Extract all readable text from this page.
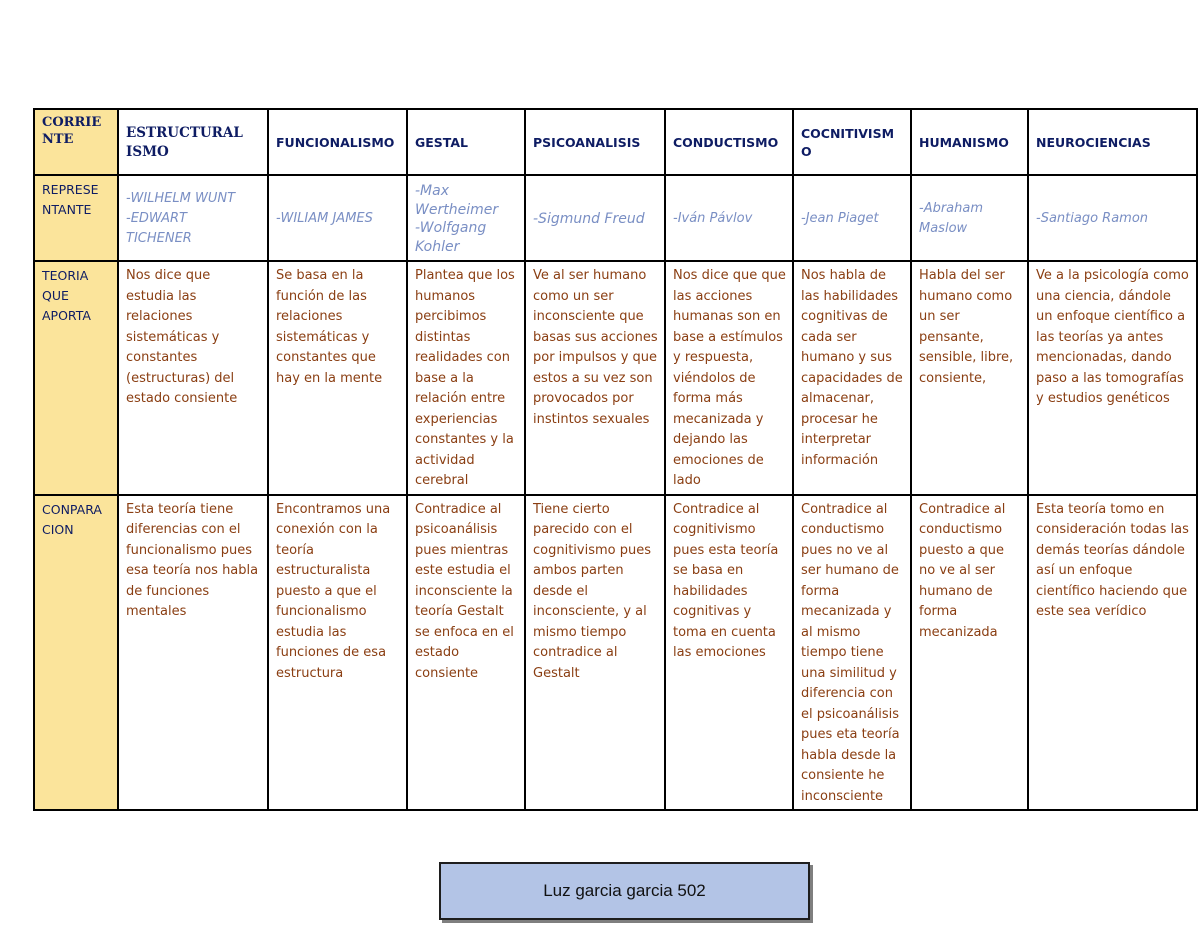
CORRIE
NTE	ESTRUCTURAL
ISMO	FUNCIONALISMO	GESTAL	PSICOANALISIS	CONDUCTISMO	COCNITIVISM
O	HUMANISMO	NEUROCIENCIAS
REPRESE
NTANTE	-WILHELM WUNT
-EDWART
TICHENER	-WILIAM JAMES	-Max
Wertheimer
-Wolfgang
Kohler	-Sigmund Freud	-Iván Pávlov	-Jean Piaget	-Abraham
Maslow	-Santiago Ramon
TEORIA
QUE
APORTA	Nos dice que estudia las relaciones sistemáticas y constantes (estructuras) del estado consiente	Se basa en la función de las relaciones sistemáticas y constantes que hay en la mente	Plantea que los humanos percibimos distintas realidades con base a la relación entre experiencias constantes y la actividad cerebral	Ve al ser humano como un ser inconsciente que basas sus acciones por impulsos y que estos a su vez son provocados por instintos sexuales	Nos dice que que las acciones humanas son en base a estímulos y respuesta, viéndolos de forma más mecanizada y dejando las emociones de lado	Nos habla de las habilidades cognitivas de cada ser humano y sus capacidades de almacenar, procesar he interpretar información	Habla del ser humano como un ser pensante, sensible, libre, consiente,	Ve a la psicología como una ciencia, dándole un enfoque científico a las teorías ya antes mencionadas, dando paso a las tomografías y estudios genéticos
CONPARA
CION	Esta teoría tiene diferencias con el funcionalismo pues esa teoría nos habla de funciones mentales	Encontramos una conexión con la teoría estructuralista puesto a que el funcionalismo estudia las funciones de esa estructura	Contradice al psicoanálisis pues mientras este estudia el inconsciente la teoría Gestalt se enfoca en el estado consiente	Tiene cierto parecido con el cognitivismo pues ambos parten desde el inconsciente, y al mismo tiempo contradice al Gestalt	Contradice al cognitivismo pues esta teoría se basa en habilidades cognitivas y toma en cuenta las emociones	Contradice al conductismo pues no ve al ser humano de forma mecanizada y al mismo tiempo tiene una similitud y diferencia con el psicoanálisis pues eta teoría habla desde la consiente he inconsciente	Contradice al conductismo puesto a que no ve al ser humano de forma mecanizada	Esta teoría tomo en consideración todas las demás teorías dándole así un enfoque científico haciendo que este sea verídico
Luz garcia garcia 502
